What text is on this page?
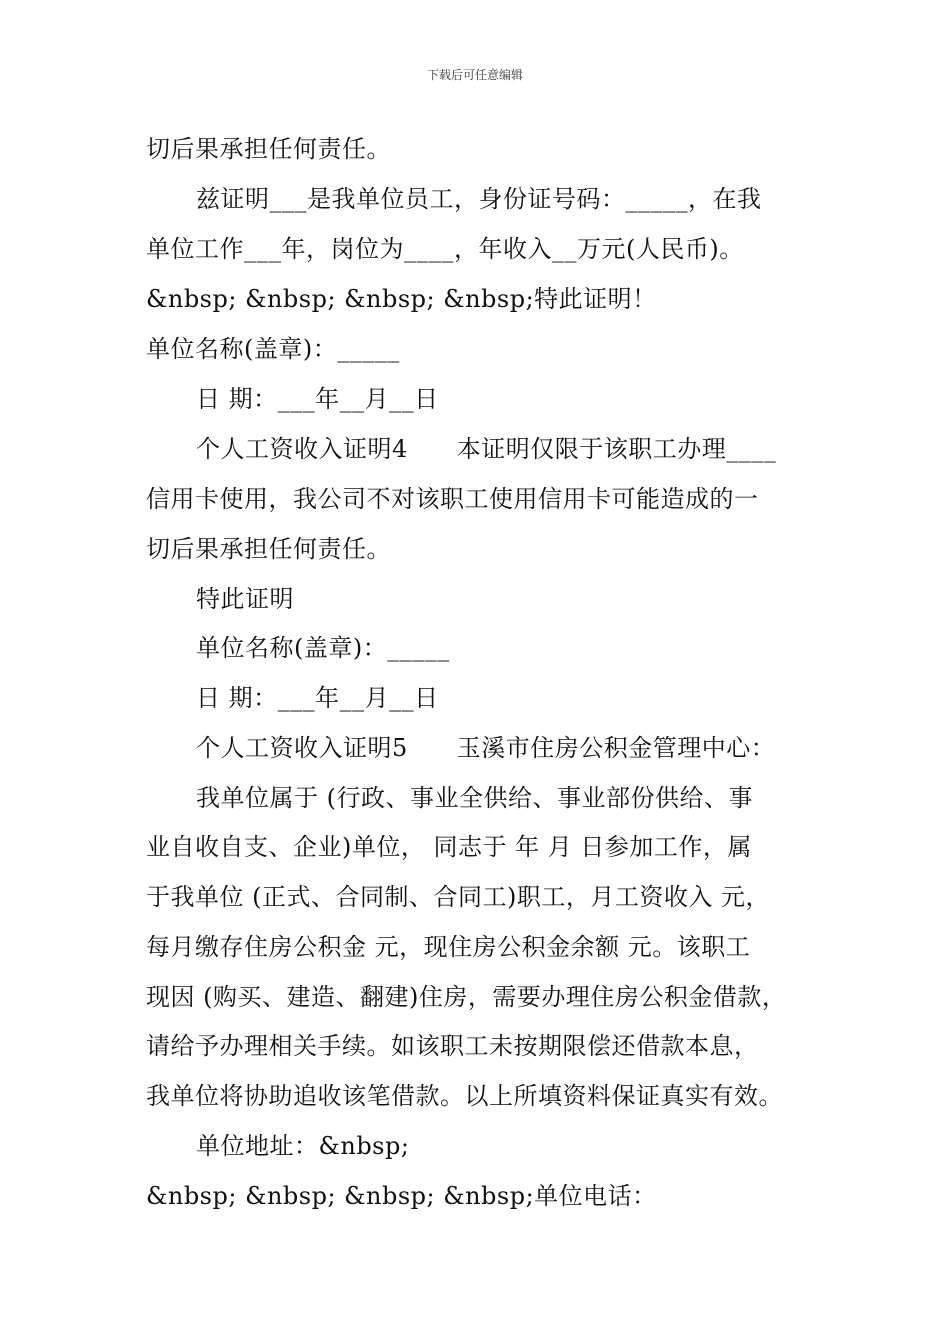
下载后可任意编辑
切后果承担任何责任。
兹证明___是我单位员工，身份证号码：_____，在我
单位工作___年，岗位为____，年收入__万元(人民币)。
&nbsp; &nbsp; &nbsp; &nbsp;特此证明！
单位名称(盖章)：_____
日 期：___年__月__日
个人工资收入证明4　　本证明仅限于该职工办理____
信用卡使用，我公司不对该职工使用信用卡可能造成的一
切后果承担任何责任。
特此证明
单位名称(盖章)：_____
日 期：___年__月__日
个人工资收入证明5　　玉溪市住房公积金管理中心：
我单位属于 (行政、事业全供给、事业部份供给、事
业自收自支、企业)单位， 同志于 年 月 日参加工作，属
于我单位 (正式、合同制、合同工)职工，月工资收入 元，
每月缴存住房公积金 元，现住房公积金余额 元。该职工
现因 (购买、建造、翻建)住房，需要办理住房公积金借款，
请给予办理相关手续。如该职工未按期限偿还借款本息，
我单位将协助追收该笔借款。以上所填资料保证真实有效。
单位地址：&nbsp;
&nbsp; &nbsp; &nbsp; &nbsp;单位电话：
